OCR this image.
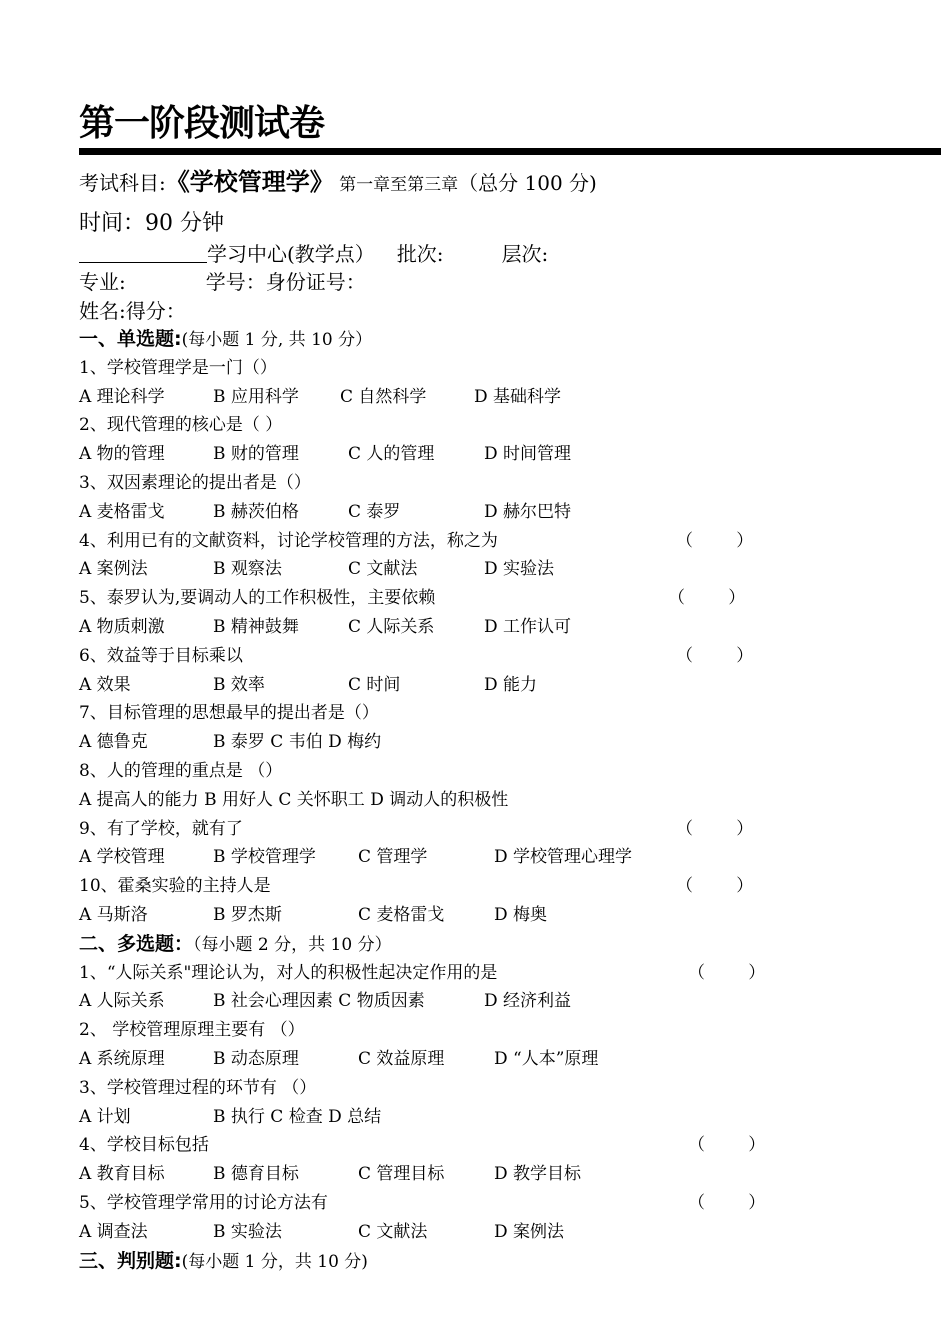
第一阶段测试卷
考试科目:《学校管理学》 第一章至第三章（总分 100 分)
时间：90 分钟
学习中心(教学点） 批次:	层次:
专业:	学号：身份证号：
姓名:得分：
一、单选题:(每小题 1 分, 共 10 分）
1、学校管理学是一门（）
A 理论科学	B 应用科学 C 自然科学	D 基础科学
2、现代管理的核心是（ ）
A 物的管理	B 财的管理	C 人的管理	D 时间管理
3、双因素理论的提出者是（）
A 麦格雷戈	B 赫茨伯格	C 泰罗	D 赫尔巴特
4、利用已有的文献资料，讨论学校管理的方法，称之为	（        ）
A 案例法	B 观察法	C 文献法	D 实验法
5、泰罗认为,要调动人的工作积极性，主要依赖	（        ）
A 物质刺激	B 精神鼓舞	C 人际关系	D 工作认可
6、效益等于目标乘以	（        ）
A 效果	B 效率	C 时间	D 能力
7、目标管理的思想最早的提出者是（）
A 德鲁克	B 泰罗 C 韦伯 D 梅约
8、人的管理的重点是 （）
A 提高人的能力 B 用好人 C 关怀职工 D 调动人的积极性
9、有了学校，就有了	（        ）
A 学校管理	B 学校管理学 C 管理学	D 学校管理心理学
10、霍桑实验的主持人是	（        ）
A 马斯洛	B 罗杰斯	C 麦格雷戈	D 梅奥
二、多选题：（每小题 2 分，共 10 分）
1、“人际关系"理论认为，对人的积极性起决定作用的是	（        ）
A 人际关系	B 社会心理因素 C 物质因素	D 经济利益
2、 学校管理原理主要有 （）
A 系统原理	B 动态原理	C 效益原理	D “人本”原理
3、学校管理过程的环节有 （）
A 计划	B 执行 C 检查 D 总结
4、学校目标包括	（        ）
A 教育目标	B 德育目标	C 管理目标	D 教学目标
5、学校管理学常用的讨论方法有	（        ）
A 调查法	B 实验法	C 文献法	D 案例法
三、判别题:(每小题 1 分，共 10 分)
